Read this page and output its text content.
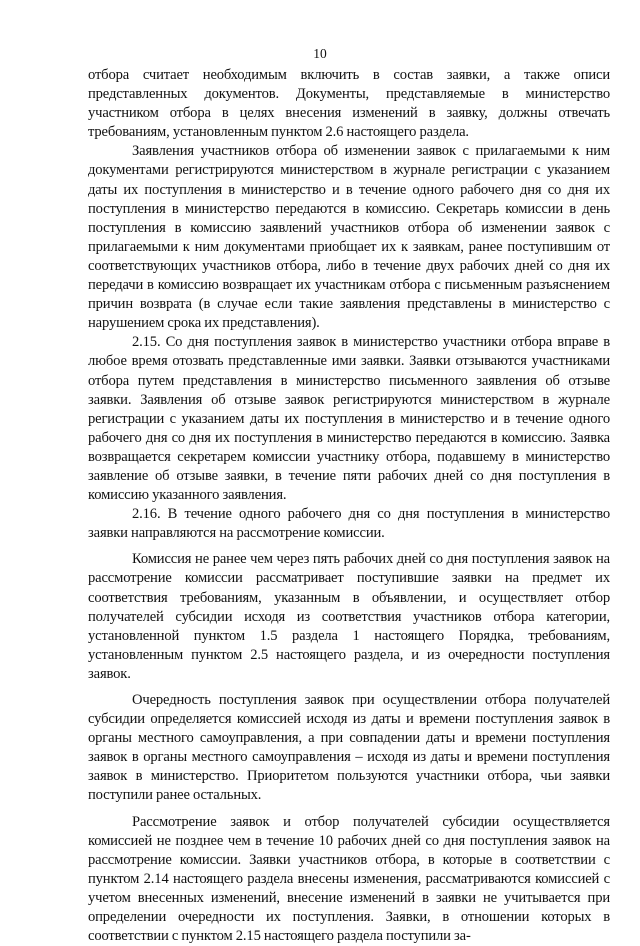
10

отбора считает необходимым включить в состав заявки, а также описи представленных документов. Документы, представляемые в министерство участником отбора в целях внесения изменений в заявку, должны отвечать требованиям, установленным пунктом 2.6 настоящего раздела.

Заявления участников отбора об изменении заявок с прилагаемыми к ним документами регистрируются министерством в журнале регистрации с указанием даты их поступления в министерство и в течение одного рабочего дня со дня их поступления в министерство передаются в комиссию. Секретарь комиссии в день поступления в комиссию заявлений участников отбора об изменении заявок с прилагаемыми к ним документами приобщает их к заявкам, ранее поступившим от соответствующих участников отбора, либо в течение двух рабочих дней со дня их передачи в комиссию возвращает их участникам отбора с письменным разъяснением причин возврата (в случае если такие заявления представлены в министерство с нарушением срока их представления).

2.15. Со дня поступления заявок в министерство участники отбора вправе в любое время отозвать представленные ими заявки. Заявки отзываются участниками отбора путем представления в министерство письменного заявления об отзыве заявки. Заявления об отзыве заявок регистрируются министерством в журнале регистрации с указанием даты их поступления в министерство и в течение одного рабочего дня со дня их поступления в министерство передаются в комиссию. Заявка возвращается секретарем комиссии участнику отбора, подавшему в министерство заявление об отзыве заявки, в течение пяти рабочих дней со дня поступления в комиссию указанного заявления.

2.16. В течение одного рабочего дня со дня поступления в министерство заявки направляются на рассмотрение комиссии.

Комиссия не ранее чем через пять рабочих дней со дня поступления заявок на рассмотрение комиссии рассматривает поступившие заявки на предмет их соответствия требованиям, указанным в объявлении, и осуществляет отбор получателей субсидии исходя из соответствия участников отбора категории, установленной пунктом 1.5 раздела 1 настоящего Порядка, требованиям, установленным пунктом 2.5 настоящего раздела, и из очередности поступления заявок.

Очередность поступления заявок при осуществлении отбора получателей субсидии определяется комиссией исходя из даты и времени поступления заявок в органы местного самоуправления, а при совпадении даты и времени поступления заявок в органы местного самоуправления – исходя из даты и времени поступления заявок в министерство. Приоритетом пользуются участники отбора, чьи заявки поступили ранее остальных.

Рассмотрение заявок и отбор получателей субсидии осуществляется комиссией не позднее чем в течение 10 рабочих дней со дня поступления заявок на рассмотрение комиссии. Заявки участников отбора, в которые в соответствии с пунктом 2.14 настоящего раздела внесены изменения, рассматриваются комиссией с учетом внесенных изменений, внесение изменений в заявки не учитывается при определении очередности их поступления. Заявки, в отношении которых в соответствии с пунктом 2.15 настоящего раздела поступили за-
